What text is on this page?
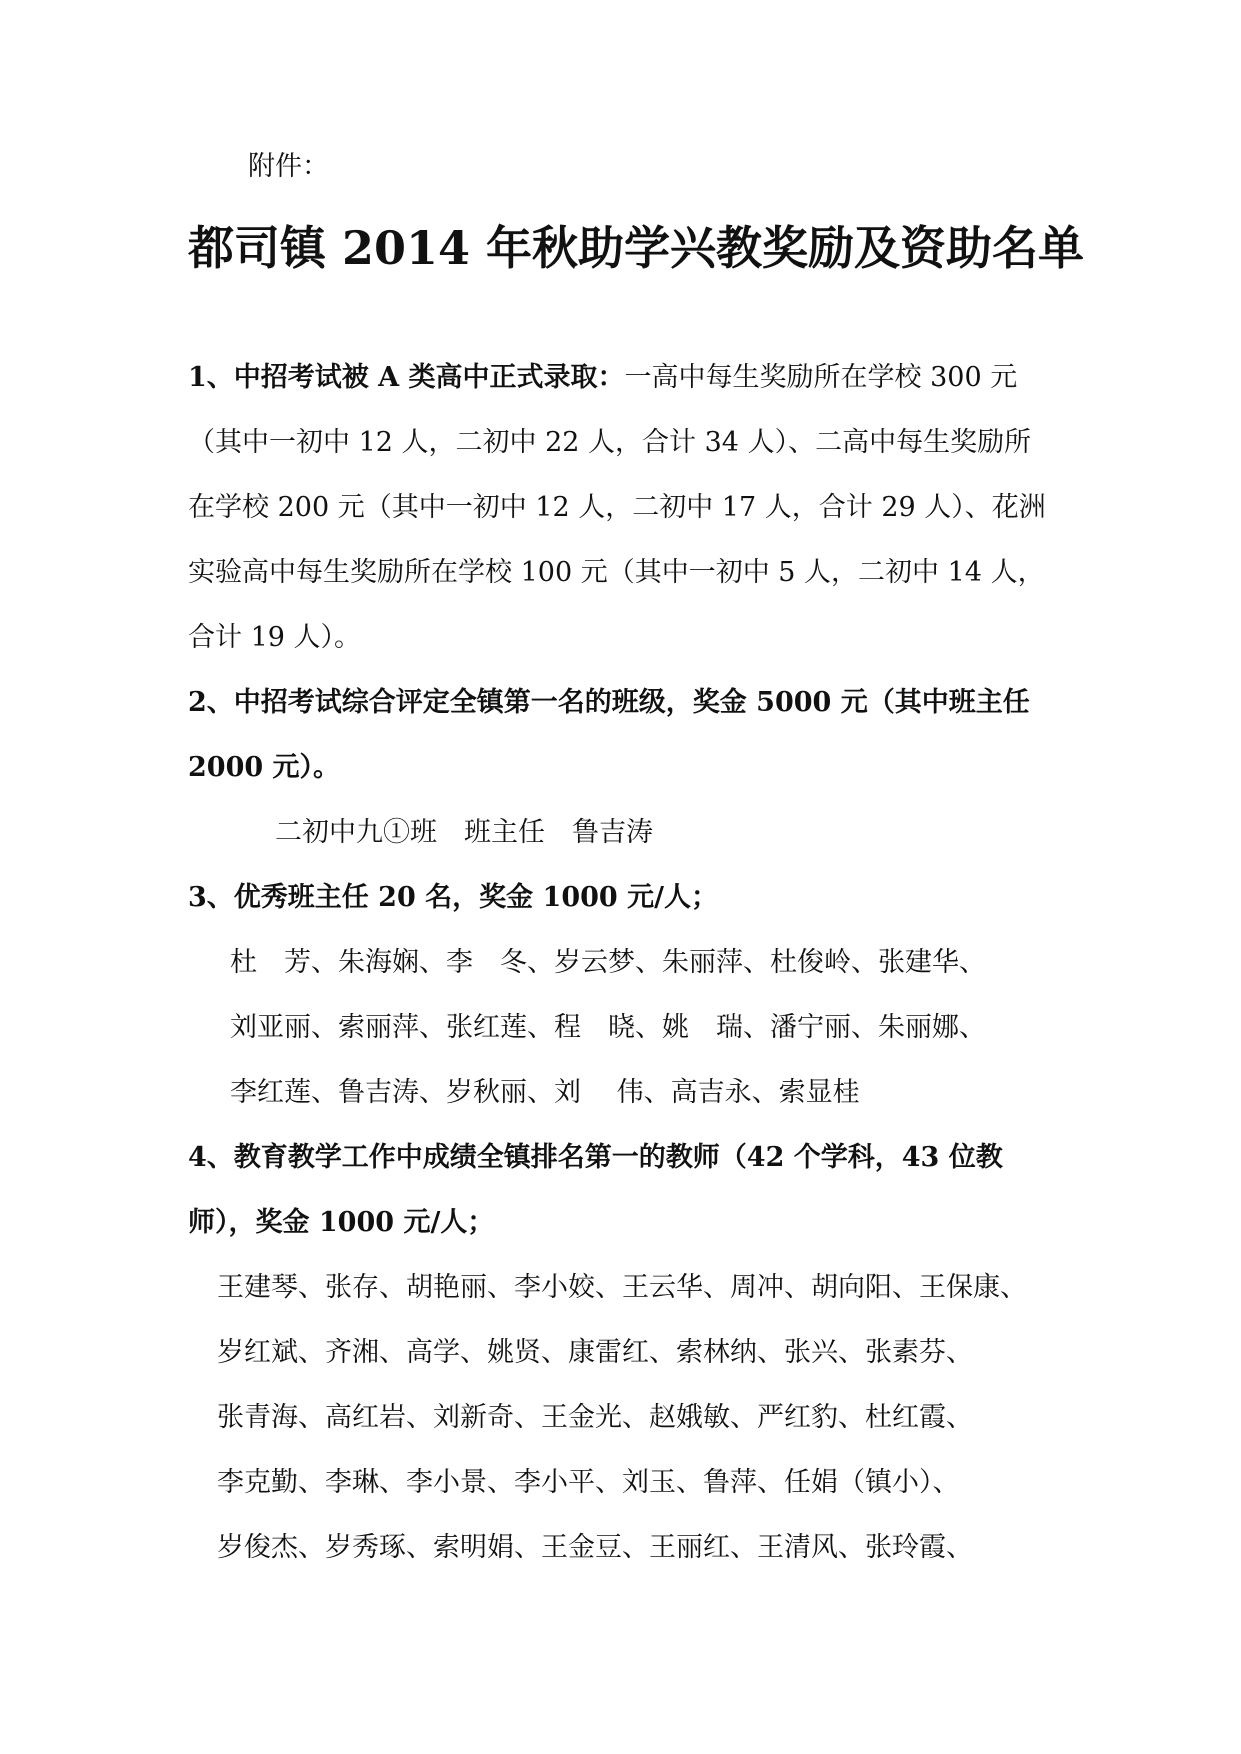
附件：
都司镇 2014 年秋助学兴教奖励及资助名单
1、中招考试被 A 类高中正式录取：一高中每生奖励所在学校 300 元
（其中一初中 12 人，二初中 22 人，合计 34 人）、二高中每生奖励所
在学校 200 元（其中一初中 12 人，二初中 17 人，合计 29 人）、花洲
实验高中每生奖励所在学校 100 元（其中一初中 5 人，二初中 14 人，
合计 19 人）。
2、中招考试综合评定全镇第一名的班级，奖金 5000 元（其中班主任
2000 元）。
二初中九①班　班主任　鲁吉涛
3、优秀班主任 20 名，奖金 1000 元/人；
杜　芳、朱海娴、李　冬、岁云梦、朱丽萍、杜俊岭、张建华、
刘亚丽、索丽萍、张红莲、程　晓、姚　瑞、潘宁丽、朱丽娜、
李红莲、鲁吉涛、岁秋丽、刘　 伟、高吉永、索显桂
4、教育教学工作中成绩全镇排名第一的教师（42 个学科，43 位教
师），奖金 1000 元/人；
王建琴、张存、胡艳丽、李小姣、王云华、周冲、胡向阳、王保康、
岁红斌、齐湘、高学、姚贤、康雷红、索林纳、张兴、张素芬、
张青海、高红岩、刘新奇、王金光、赵娥敏、严红豹、杜红霞、
李克勤、李琳、李小景、李小平、刘玉、鲁萍、任娟（镇小）、
岁俊杰、岁秀琢、索明娟、王金豆、王丽红、王清风、张玲霞、
